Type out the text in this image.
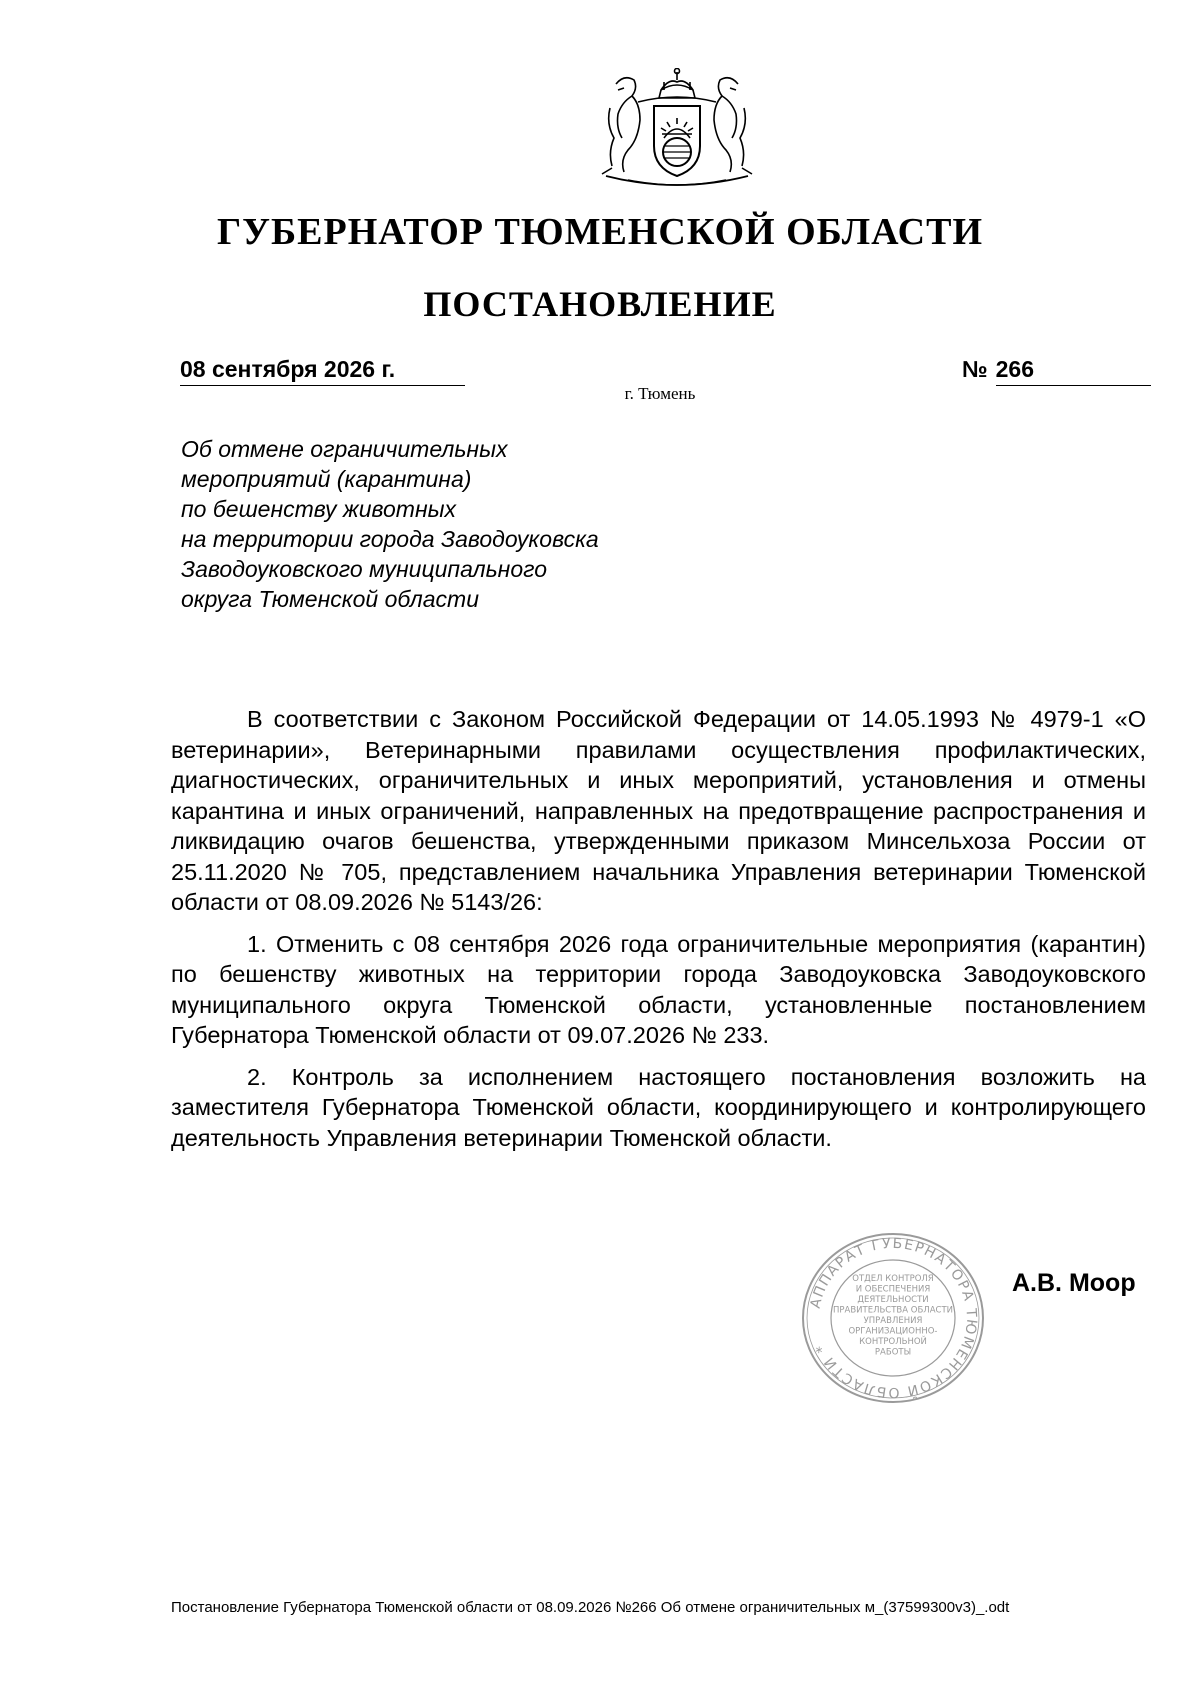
ГУБЕРНАТОР ТЮМЕНСКОЙ ОБЛАСТИ
ПОСТАНОВЛЕНИЕ
08 сентября 2026 г.	№ 266
г. Тюмень
Об отмене ограничительных
мероприятий (карантина)
по бешенству животных
на территории города Заводоуковска
Заводоуковского муниципального
округа Тюменской области

В соответствии с Законом Российской Федерации от 14.05.1993 № 4979-1 «О ветеринарии», Ветеринарными правилами осуществления профилактических, диагностических, ограничительных и иных мероприятий, установления и отмены карантина и иных ограничений, направленных на предотвращение распространения и ликвидацию очагов бешенства, утвержденными приказом Минсельхоза России от 25.11.2020 № 705, представлением начальника Управления ветеринарии Тюменской области от 08.09.2026 № 5143/26:

1. Отменить с 08 сентября 2026 года ограничительные мероприятия (карантин) по бешенству животных на территории города Заводоуковска Заводоуковского муниципального округа Тюменской области, установленные постановлением Губернатора Тюменской области от 09.07.2026 № 233.

2. Контроль за исполнением настоящего постановления возложить на заместителя Губернатора Тюменской области, координирующего и контролирующего деятельность Управления ветеринарии Тюменской области.

АППАРАТ ГУБЕРНАТОРА ТЮМЕНСКОЙ ОБЛАСТИ *
ОТДЕЛ КОНТРОЛЯ
И ОБЕСПЕЧЕНИЯ
ДЕЯТЕЛЬНОСТИ
ПРАВИТЕЛЬСТВА ОБЛАСТИ
УПРАВЛЕНИЯ
ОРГАНИЗАЦИОННО-
КОНТРОЛЬНОЙ
РАБОТЫ
А.В. Моор
Постановление Губернатора Тюменской области от 08.09.2026 №266 Об отмене ограничительных м_(37599300v3)_.odt
